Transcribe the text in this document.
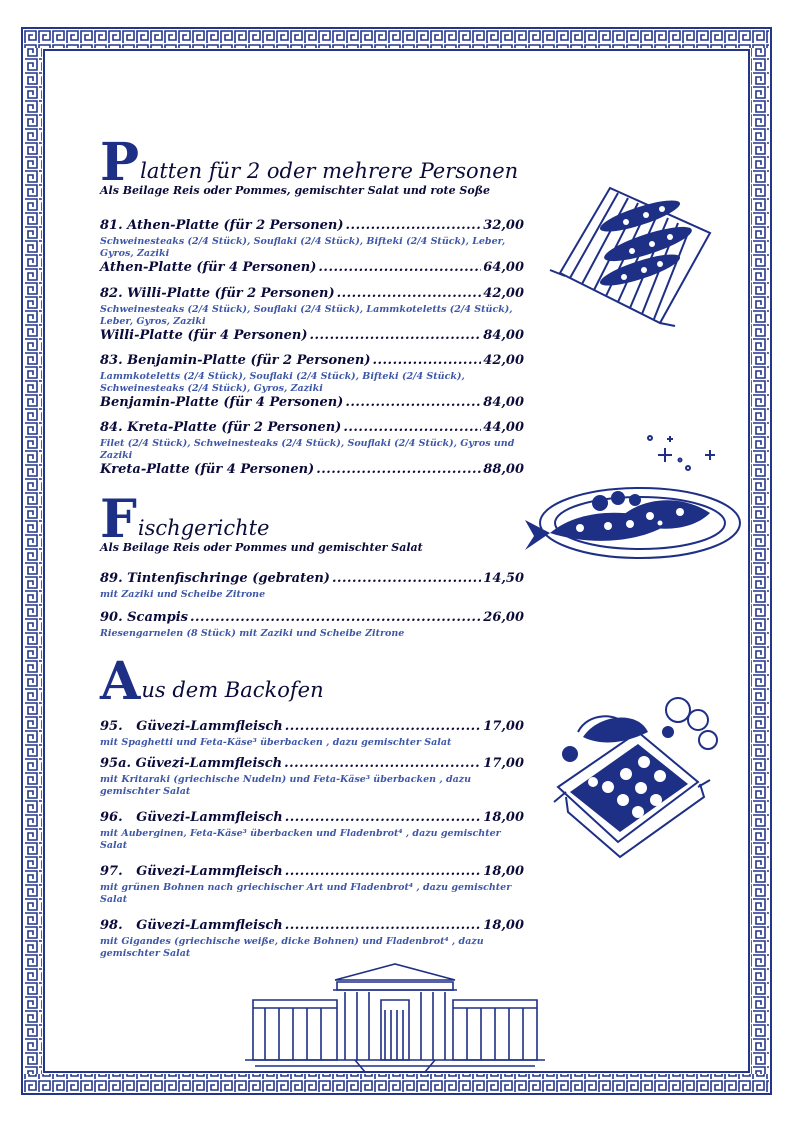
P latten für 2 oder mehrere Personen
Als Beilage Reis oder Pommes, gemischter Salat und rote Soße
81. Athen-Platte (für 2 Personen) .....	32,00
Schweinesteaks (2/4 Stück), Souflaki (2/4 Stück), Bifteki (2/4 Stück), Leber, Gyros, Zaziki
Athen-Platte (für 4 Personen) .....	64,00
82. Willi-Platte (für 2 Personen) .....	42,00
Schweinesteaks (2/4 Stück), Souflaki (2/4 Stück), Lammkoteletts (2/4 Stück), Leber, Gyros, Zaziki
Willi-Platte (für 4 Personen) .....	84,00
83. Benjamin-Platte (für 2 Personen) .....	42,00
Lammkoteletts (2/4 Stück), Souflaki (2/4 Stück), Bifteki (2/4 Stück), Schweinesteaks (2/4 Stück), Gyros, Zaziki
Benjamin-Platte (für 4 Personen) .....	84,00
84. Kreta-Platte (für 2 Personen) .....	44,00
Filet (2/4 Stück), Schweinesteaks (2/4 Stück), Souflaki (2/4 Stück), Gyros und Zaziki
Kreta-Platte (für 4 Personen) .....	88,00
F ischgerichte
Als Beilage Reis oder Pommes und gemischter Salat
89. Tintenfischringe (gebraten) .....	14,50
mit Zaziki und Scheibe Zitrone
90. Scampis .....	26,00
Riesengarnelen (8 Stück) mit Zaziki und Scheibe Zitrone
A us dem Backofen
95.   Güvezi-Lammfleisch .....	17,00
mit Spaghetti und Feta-Käse³ überbacken , dazu gemischter Salat
95a. Güvezi-Lammfleisch .....	17,00
mit Kritaraki (griechische Nudeln) und Feta-Käse³ überbacken , dazu gemischter Salat
96.   Güvezi-Lammfleisch .....	18,00
mit Auberginen, Feta-Käse³ überbacken und Fladenbrot⁴ , dazu gemischter Salat
97.   Güvezi-Lammfleisch .....	18,00
mit grünen Bohnen nach griechischer Art und Fladenbrot⁴ , dazu gemischter Salat
98.   Güvezi-Lammfleisch .....	18,00
mit Gigandes (griechische weiße, dicke Bohnen) und Fladenbrot⁴ , dazu gemischter Salat
